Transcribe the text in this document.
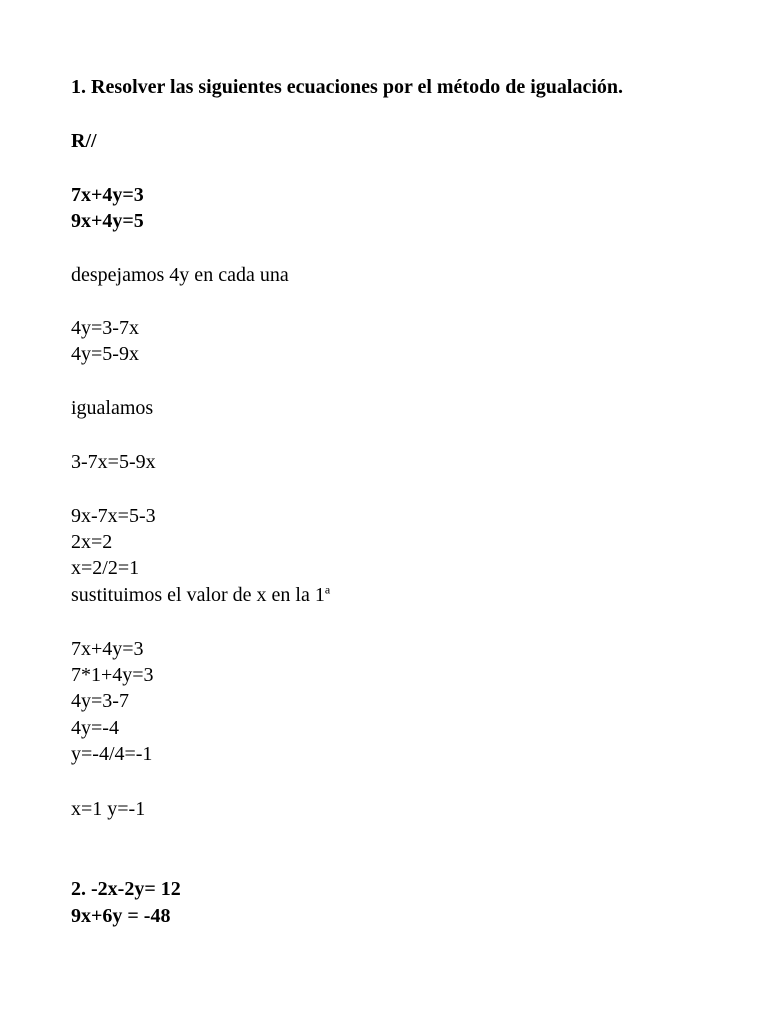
1. Resolver las siguientes ecuaciones por el método de igualación.
R//
7x+4y=3
9x+4y=5
despejamos 4y en cada una
4y=3-7x
4y=5-9x
igualamos
3-7x=5-9x
9x-7x=5-3
2x=2
x=2/2=1
sustituimos el valor de x en la 1$^a$
7x+4y=3
7*1+4y=3
4y=3-7
4y=-4
y=-4/4=-1
x=1 y=-1
2. -2x-2y= 12
9x+6y = -48
